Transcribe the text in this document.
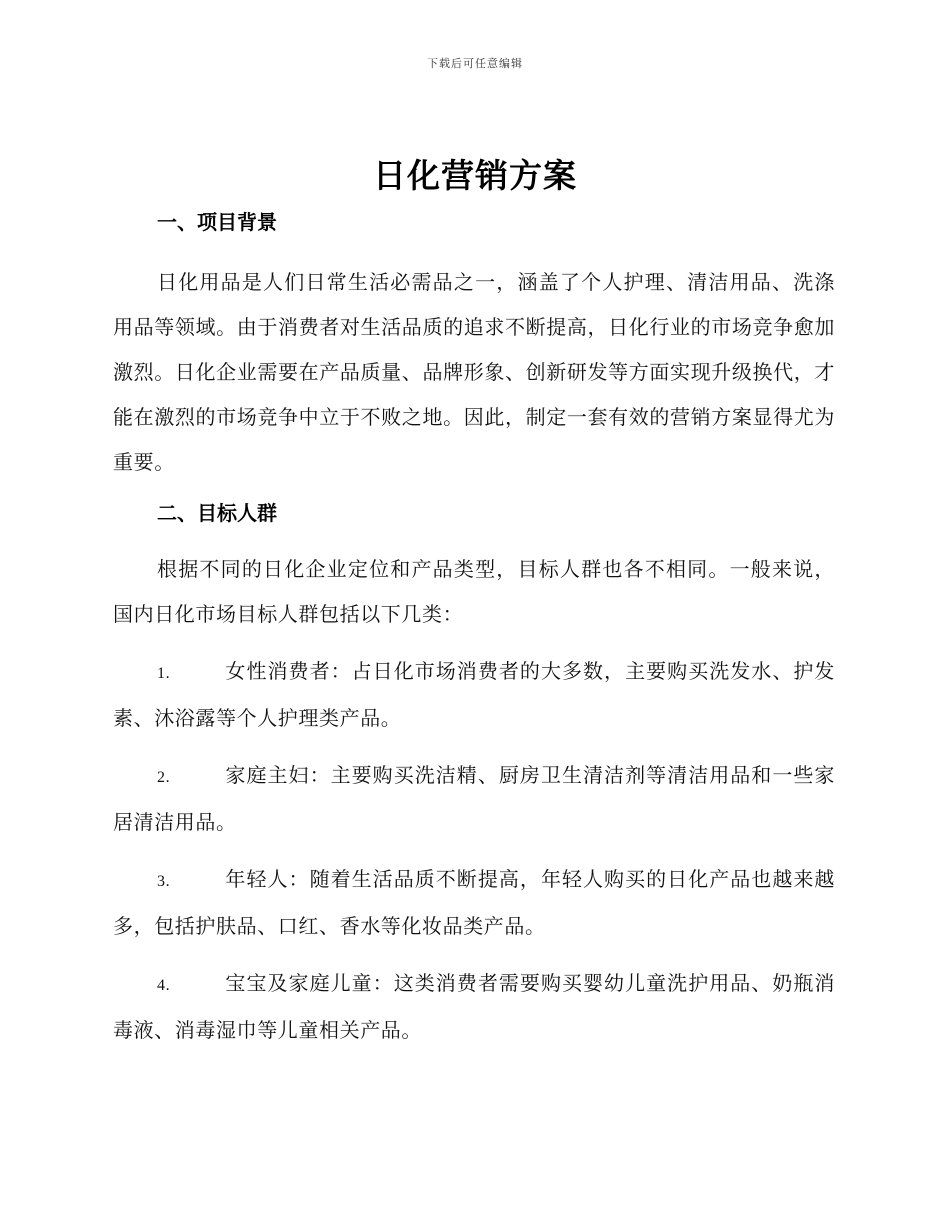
下载后可任意编辑
日化营销方案
一、项目背景

日化用品是人们日常生活必需品之一，涵盖了个人护理、清洁用品、洗涤用品等领域。由于消费者对生活品质的追求不断提高，日化行业的市场竞争愈加激烈。日化企业需要在产品质量、品牌形象、创新研发等方面实现升级换代，才能在激烈的市场竞争中立于不败之地。因此，制定一套有效的营销方案显得尤为重要。

二、目标人群

根据不同的日化企业定位和产品类型，目标人群也各不相同。一般来说，国内日化市场目标人群包括以下几类：

1.	女性消费者：占日化市场消费者的大多数，主要购买洗发水、护发素、沐浴露等个人护理类产品。

2.	家庭主妇：主要购买洗洁精、厨房卫生清洁剂等清洁用品和一些家居清洁用品。

3.	年轻人：随着生活品质不断提高，年轻人购买的日化产品也越来越多，包括护肤品、口红、香水等化妆品类产品。

4.	宝宝及家庭儿童：这类消费者需要购买婴幼儿童洗护用品、奶瓶消毒液、消毒湿巾等儿童相关产品。
